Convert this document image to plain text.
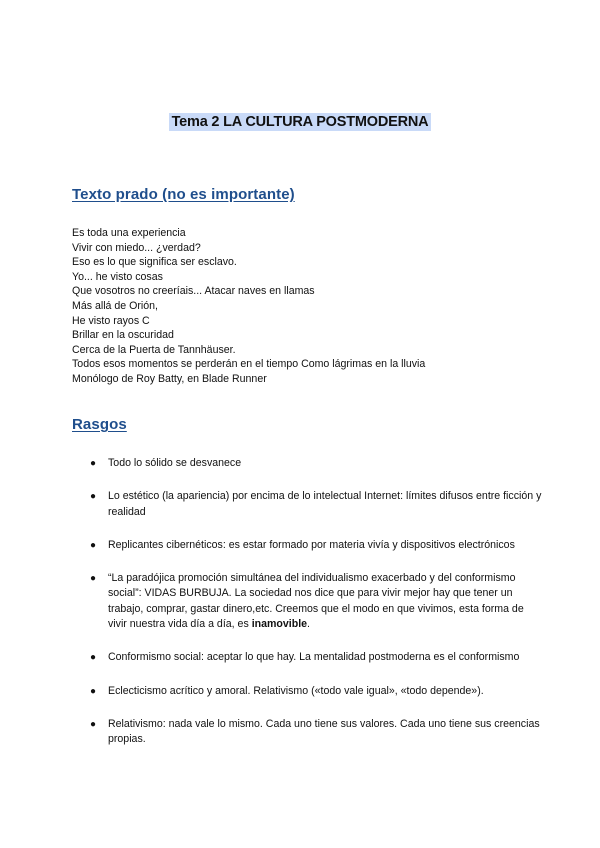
Tema 2 LA CULTURA POSTMODERNA
Texto prado (no es importante)
Es toda una experiencia
Vivir con miedo... ¿verdad?
Eso es lo que significa ser esclavo.
Yo... he visto cosas
Que vosotros no creeríais... Atacar naves en llamas
Más allá de Orión,
He visto rayos C
Brillar en la oscuridad
Cerca de la Puerta de Tannhäuser.
Todos esos momentos se perderán en el tiempo Como lágrimas en la lluvia
Monólogo de Roy Batty, en Blade Runner
Rasgos
● Todo lo sólido se desvanece
● Lo estético (la apariencia) por encima de lo intelectual Internet: límites difusos entre ficción y realidad
● Replicantes cibernéticos: es estar formado por materia vivía y dispositivos electrónicos
● “La paradójica promoción simultánea del individualismo exacerbado y del conformismo social”: VIDAS BURBUJA. La sociedad nos dice que para vivir mejor hay que tener un trabajo, comprar, gastar dinero,etc. Creemos que el modo en que vivimos, esta forma de vivir nuestra vida día a día, es inamovible.
● Conformismo social: aceptar lo que hay. La mentalidad postmoderna es el conformismo
● Eclecticismo acrítico y amoral. Relativismo («todo vale igual», «todo depende»).
● Relativismo: nada vale lo mismo. Cada uno tiene sus valores. Cada uno tiene sus creencias propias.
